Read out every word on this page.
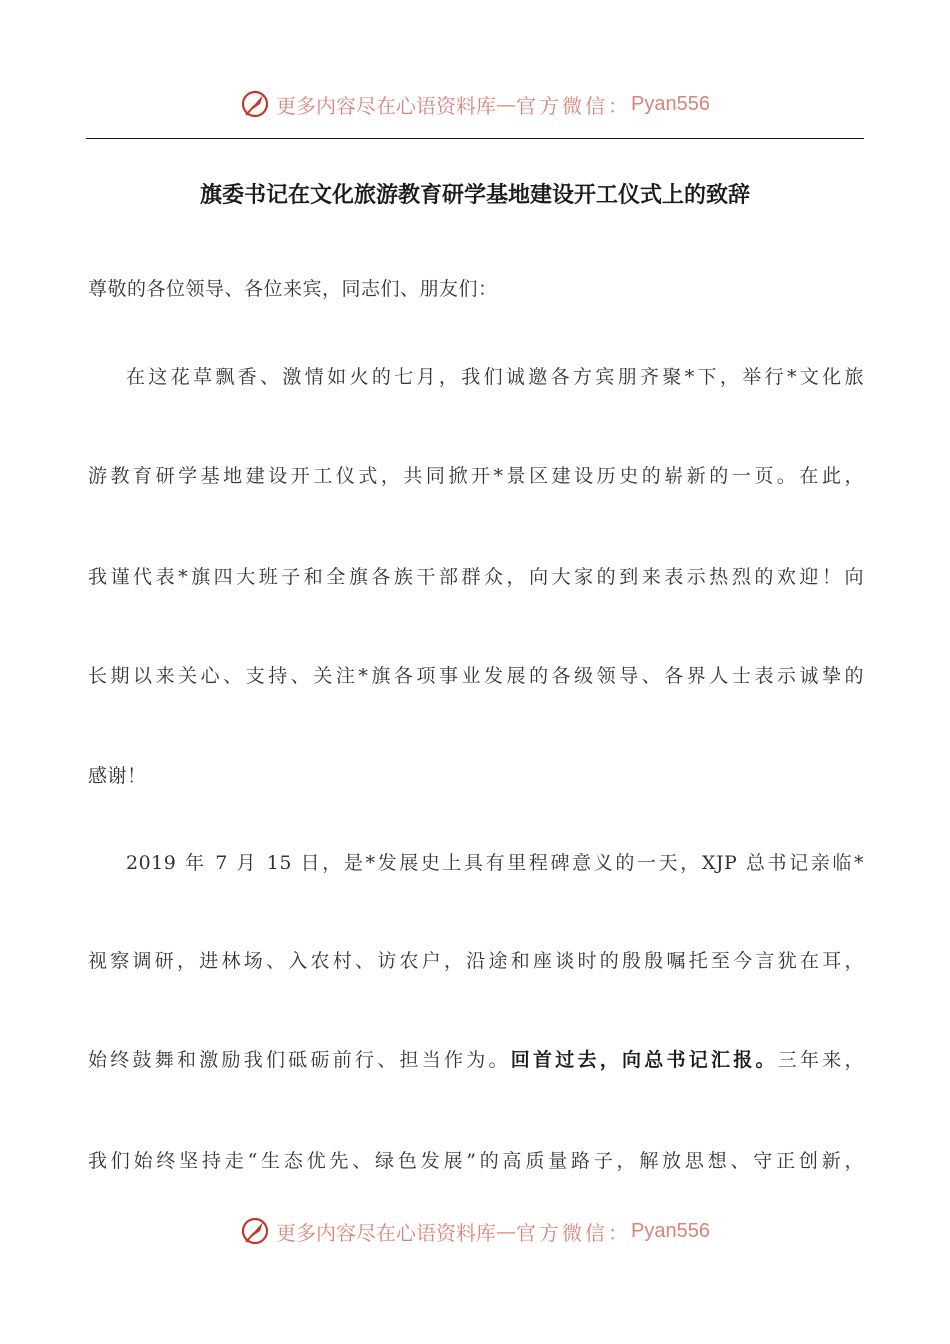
更多内容尽在心语资料库 — 官方微信： Pyan556
旗委书记在文化旅游教育研学基地建设开工仪式上的致辞
尊敬的各位领导、各位来宾，同志们、朋友们：
在这花草飘香、激情如火的七月，我们诚邀各方宾朋齐聚*下，举行*文化旅
游教育研学基地建设开工仪式，共同掀开*景区建设历史的崭新的一页。在此，
我谨代表*旗四大班子和全旗各族干部群众，向大家的到来表示热烈的欢迎！向
长期以来关心、支持、关注*旗各项事业发展的各级领导、各界人士表示诚挚的
感谢！
2019 年 7 月 15 日，是*发展史上具有里程碑意义的一天，XJP 总书记亲临*
视察调研，进林场、入农村、访农户，沿途和座谈时的殷殷嘱托至今言犹在耳，
始终鼓舞和激励我们砥砺前行、担当作为。回首过去，向总书记汇报。三年来，
我们始终坚持走“生态优先、绿色发展”的高质量路子，解放思想、守正创新，
更多内容尽在心语资料库 — 官方微信： Pyan556
